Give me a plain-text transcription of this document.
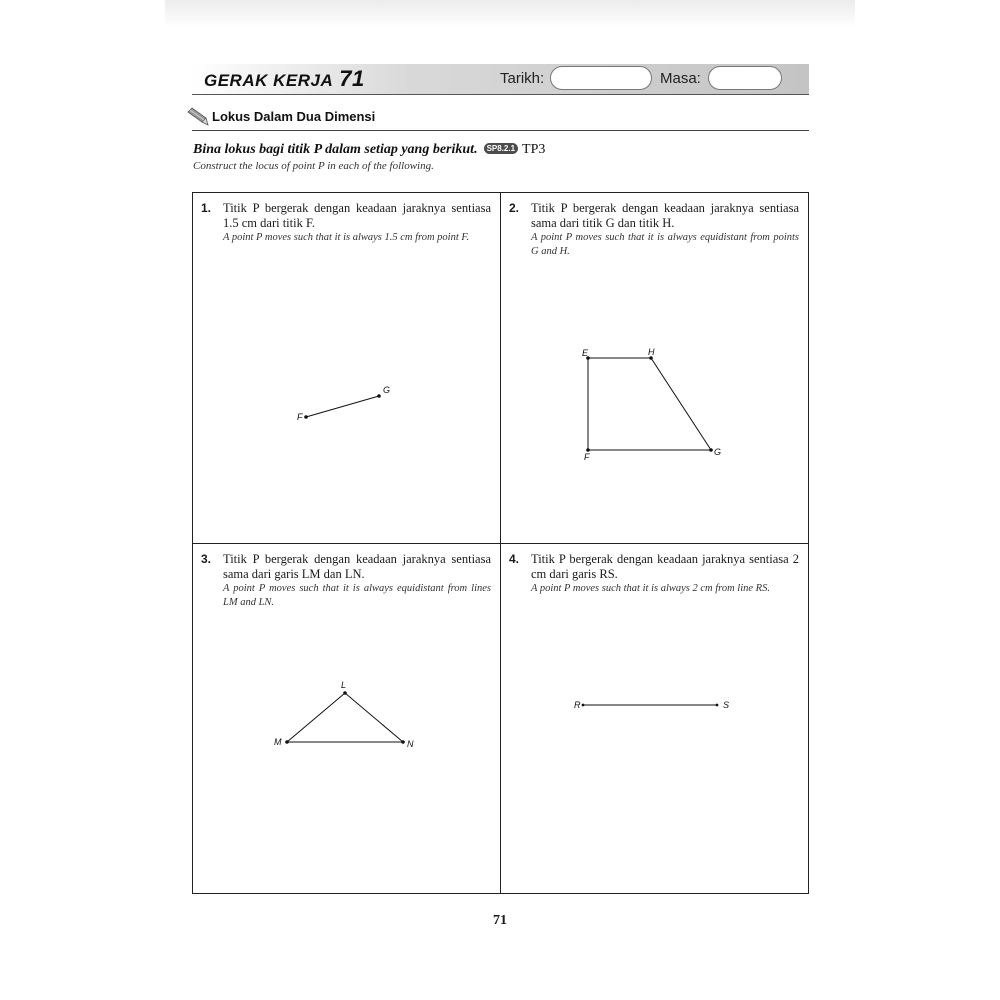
GERAK KERJA 71	Tarikh:	Masa:
Lokus Dalam Dua Dimensi
Bina lokus bagi titik P dalam setiap yang berikut. SP8.2.1 TP3
Construct the locus of point P in each of the following.
1. Titik P bergerak dengan keadaan jaraknya sentiasa 1.5 cm dari titik F.
A point P moves such that it is always 1.5 cm from point F.
2. Titik P bergerak dengan keadaan jaraknya sentiasa sama dari titik G dan titik H.
A point P moves such that it is always equidistant from points G and H.
3. Titik P bergerak dengan keadaan jaraknya sentiasa sama dari garis LM dan LN.
A point P moves such that it is always equidistant from lines LM and LN.
4. Titik P bergerak dengan keadaan jaraknya sentiasa 2 cm dari garis RS.
A point P moves such that it is always 2 cm from line RS.
F
G
E	H
F	G
L
M	N
R	S
71
